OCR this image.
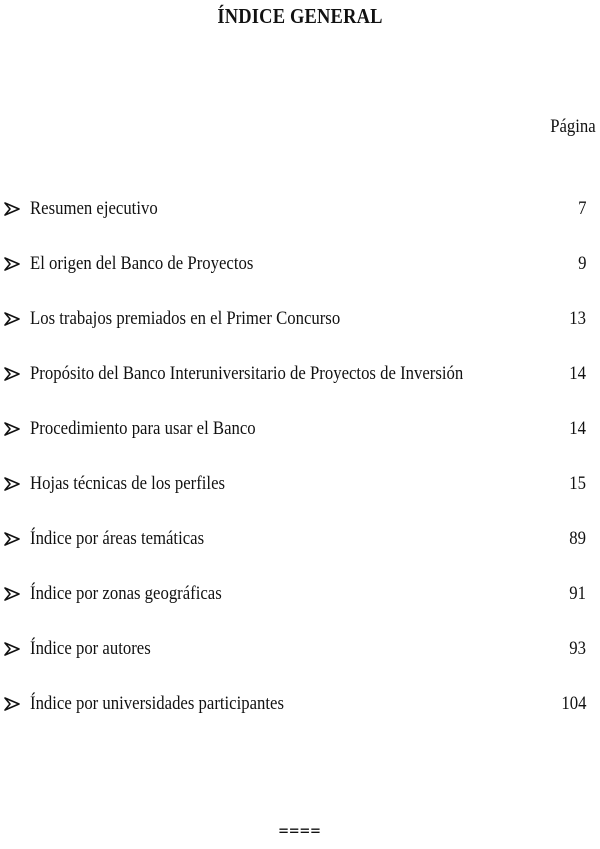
ÍNDICE GENERAL
Página
Resumen ejecutivo	7
El origen del Banco de Proyectos	9
Los trabajos premiados en el Primer Concurso	13
Propósito del Banco Interuniversitario de Proyectos de Inversión	14
Procedimiento para usar el Banco	14
Hojas técnicas de los perfiles	15
Índice por áreas temáticas	89
Índice por zonas geográficas	91
Índice por autores	93
Índice por universidades participantes	104
====
